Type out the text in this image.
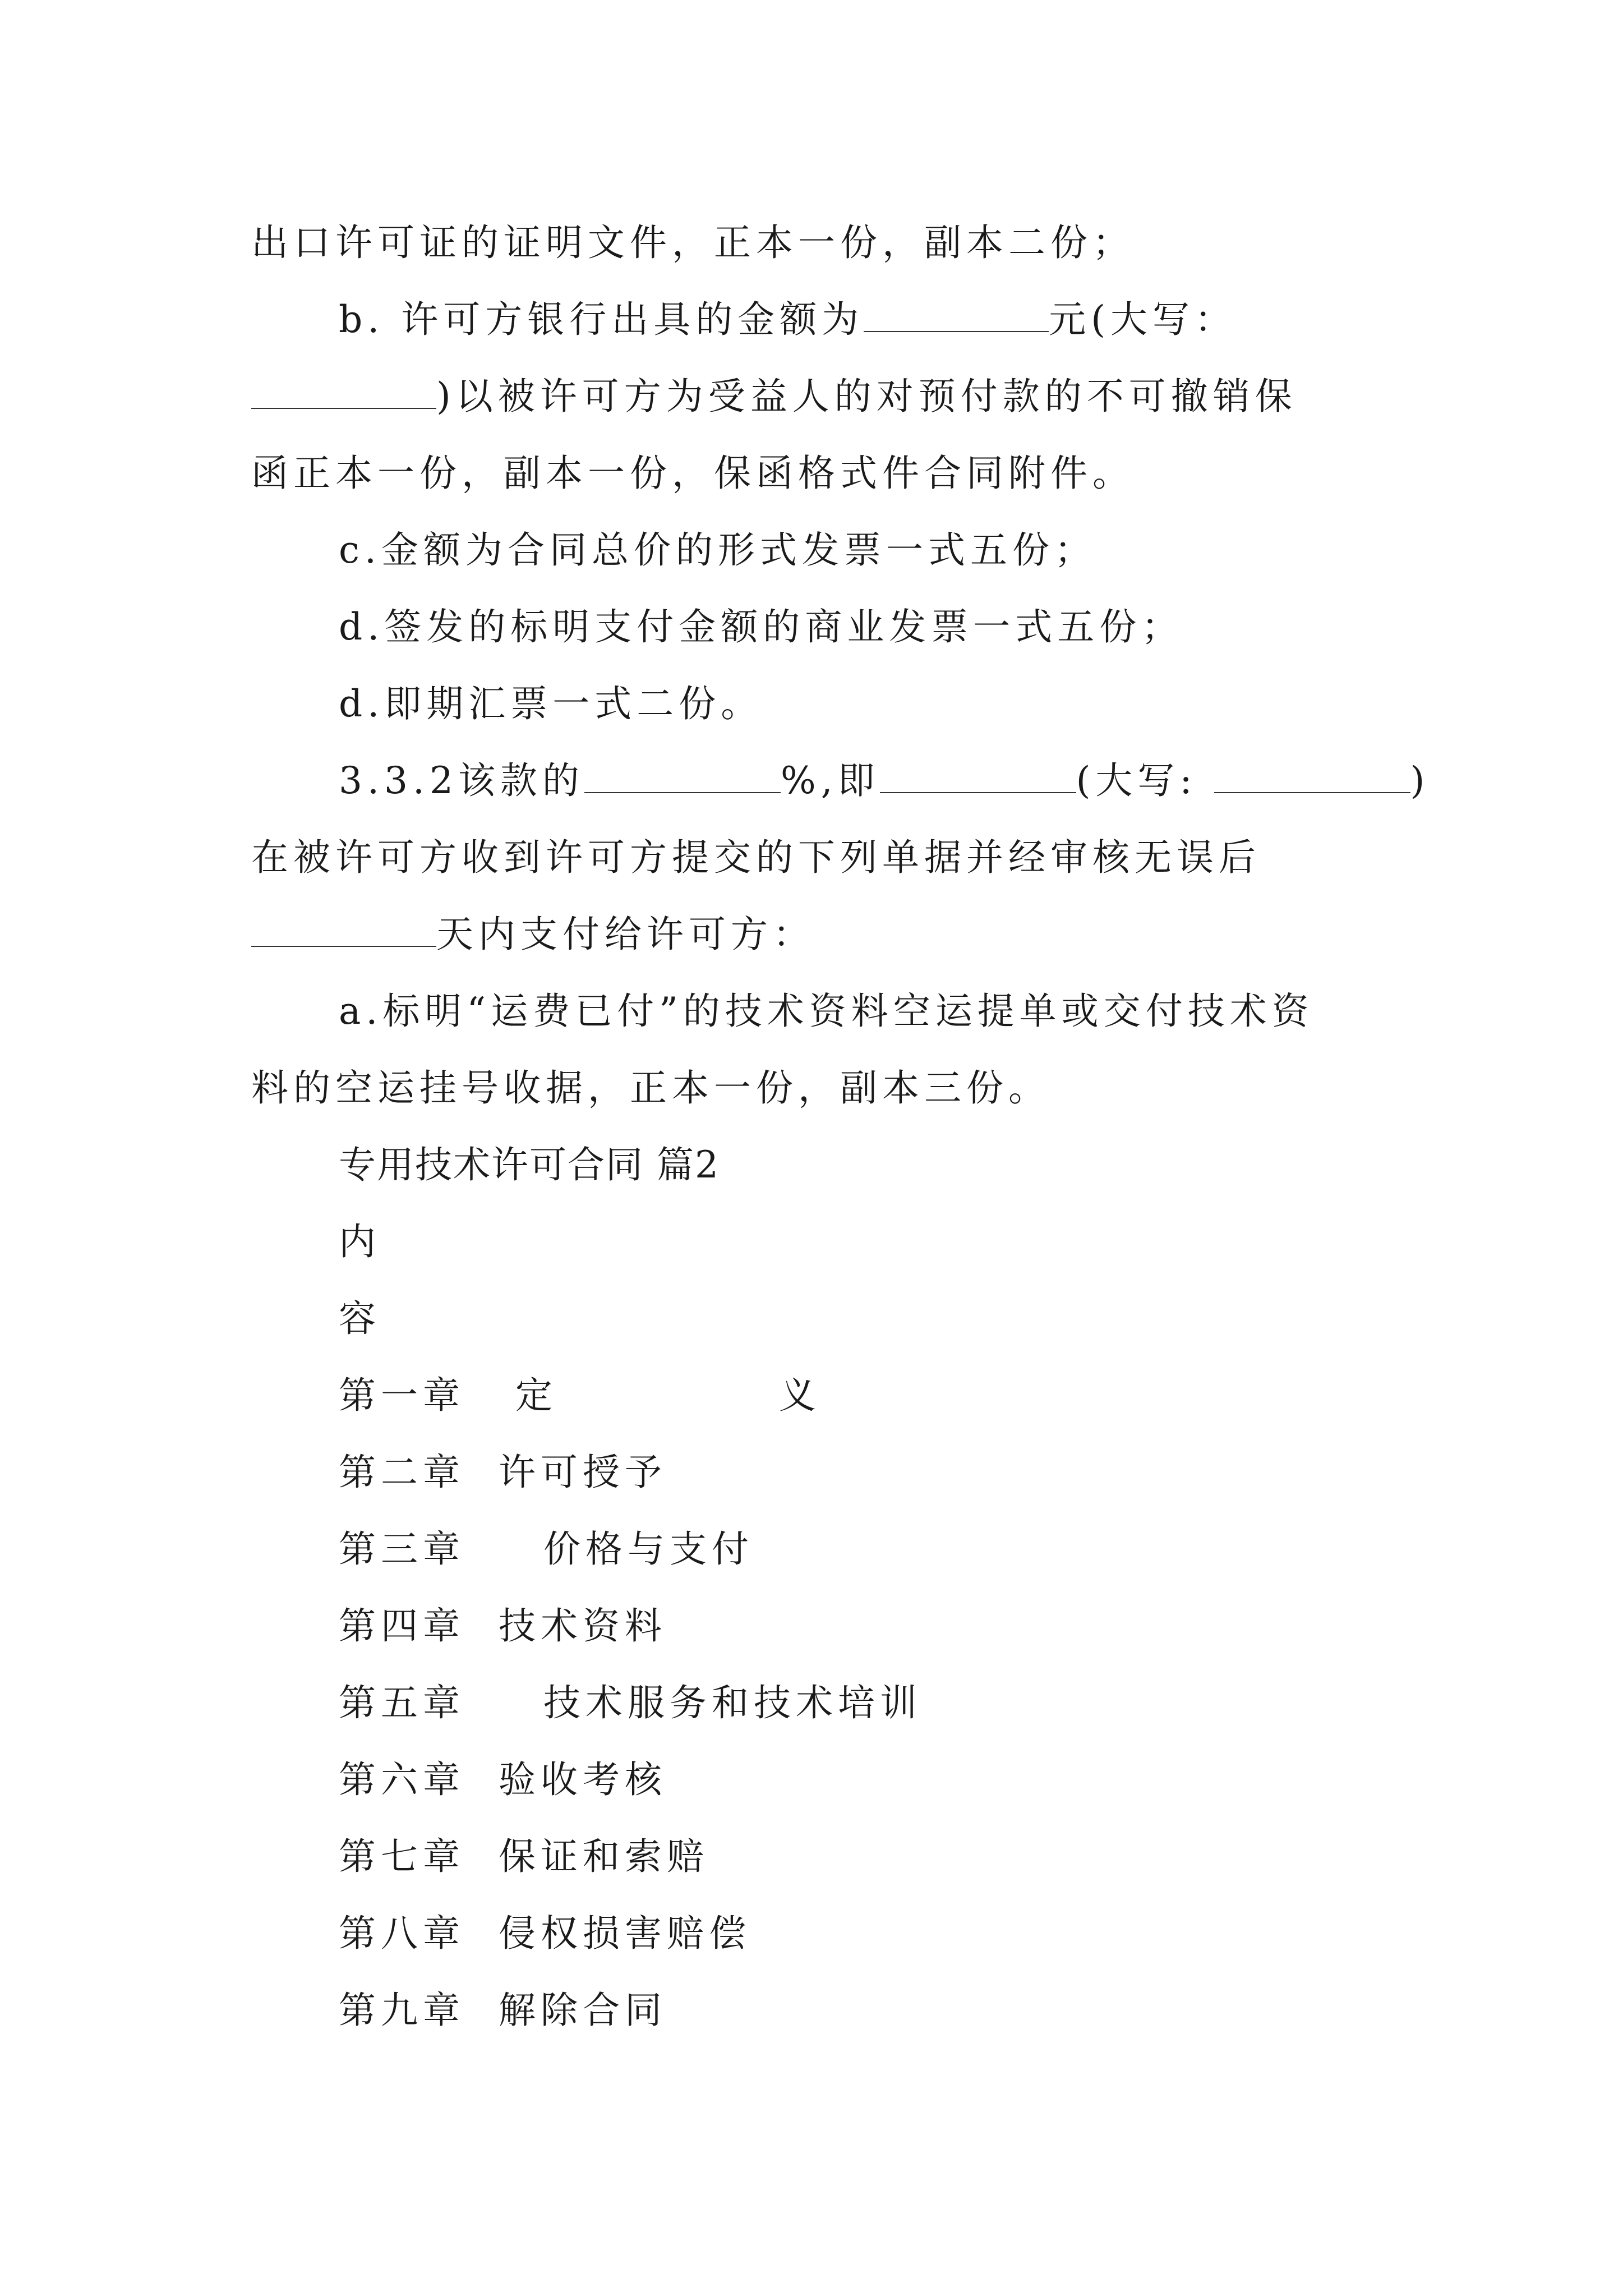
出口许可证的证明文件，正本一份，副本二份；
b. 许可方银行出具的金额为	元(大写：
)以被许可方为受益人的对预付款的不可撤销保
函正本一份，副本一份，保函格式件合同附件。
c.金额为合同总价的形式发票一式五份；
d.签发的标明支付金额的商业发票一式五份；
d.即期汇票一式二份。
3.3.2该款的	%,即	(大写:	)
在被许可方收到许可方提交的下列单据并经审核无误后
天内支付给许可方：
a.标明“运费已付”的技术资料空运提单或交付技术资
料的空运挂号收据，正本一份，副本三份。
专用技术许可合同 篇2
内
容
第一章 定　　　　义
第二章 许可授予
第三章 价格与支付
第四章 技术资料
第五章 技术服务和技术培训
第六章 验收考核
第七章 保证和索赔
第八章 侵权损害赔偿
第九章 解除合同
